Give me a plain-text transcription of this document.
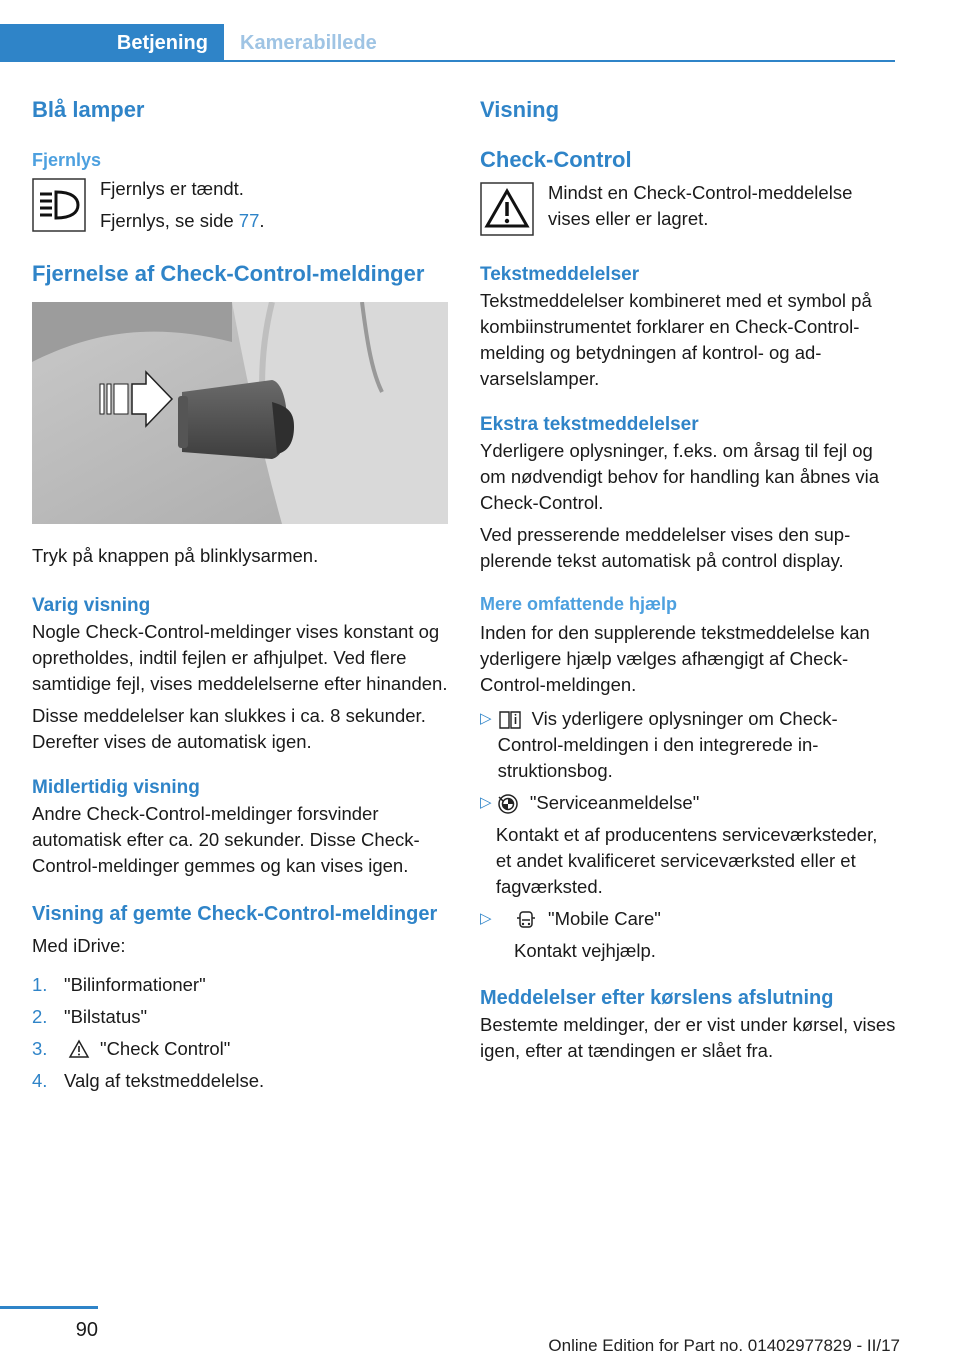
Betjening	Kamerabillede
Blå lamper
Fjernlys

Fjernlys er tændt.

Fjernlys, se side 77.

Fjernelse af Check-Control-meldinger

Tryk på knappen på blinklysarmen.

Varig visning

Nogle Check-Control-meldinger vises konstant og opretholdes, indtil fejlen er afhjulpet. Ved flere samtidige fejl, vises meddelelserne efter hinanden.

Disse meddelelser kan slukkes i ca. 8 sekunder. Derefter vises de automatisk igen.

Midlertidig visning

Andre Check-Control-meldinger forsvinder automatisk efter ca. 20 sekunder. Disse Check-Control-meldinger gemmes og kan vises igen.

Visning af gemte Check-Control-meldinger

Med iDrive:

1. "Bilinformationer"
2. "Bilstatus"
3.	"Check Control"
4. Valg af tekstmeddelelse.
Visning
Check-Control

Mindst en Check-Control-meddelelse vises eller er lagret.

Tekstmeddelelser

Tekstmeddelelser kombineret med et symbol på kombiinstrumentet forklarer en Check-Control-melding og betydningen af kontrol- og advarselslamper.

Ekstra tekstmeddelelser

Yderligere oplysninger, f.eks. om årsag til fejl og om nødvendigt behov for handling kan åbnes via Check-Control.

Ved presserende meddelelser vises den supplerende tekst automatisk på control display.

Mere omfattende hjælp

Inden for den supplerende tekstmeddelelse kan yderligere hjælp vælges afhængigt af Check-Control-meldingen.

▷	Vis yderligere oplysninger om Check-Control-meldingen i den integrerede instruktionsbog.
▷	"Serviceanmeldelse"

Kontakt et af producentens serviceværksteder, et andet kvalificeret serviceværksted eller et fagværksted.

▷	"Mobile Care"

Kontakt vejhjælp.

Meddelelser efter kørslens afslutning

Bestemte meldinger, der er vist under kørsel, vises igen, efter at tændingen er slået fra.

90
Online Edition for Part no. 01402977829 - II/17
